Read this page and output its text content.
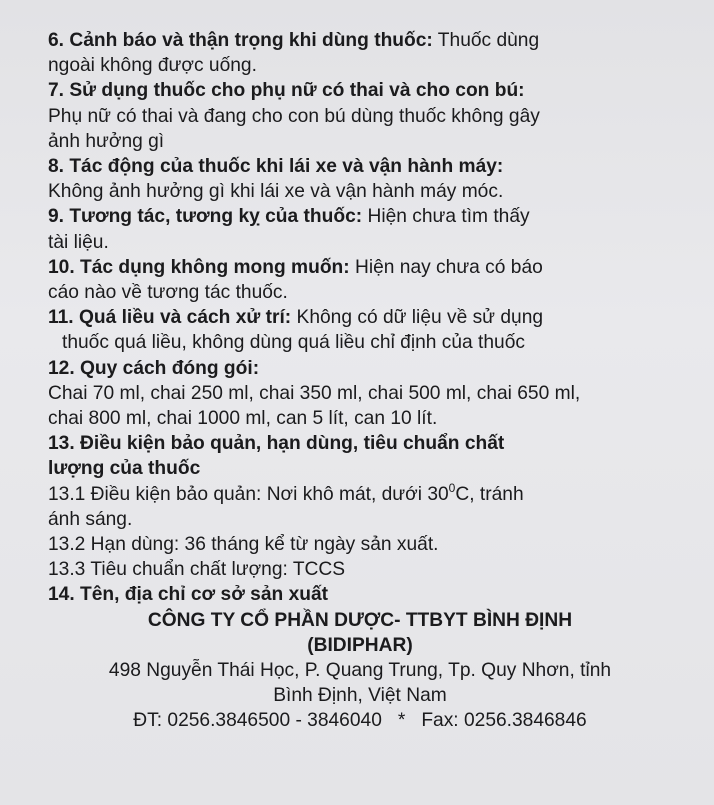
6. Cảnh báo và thận trọng khi dùng thuốc: Thuốc dùng

ngoài không được uống.

7. Sử dụng thuốc cho phụ nữ có thai và cho con bú:

Phụ nữ có thai và đang cho con bú dùng thuốc không gây

ảnh hưởng gì

8. Tác động của thuốc khi lái xe và vận hành máy:

Không ảnh hưởng gì khi lái xe và vận hành máy móc.

9. Tương tác, tương kỵ của thuốc: Hiện chưa tìm thấy

tài liệu.

10. Tác dụng không mong muốn: Hiện nay chưa có báo

cáo nào về tương tác thuốc.

11. Quá liều và cách xử trí: Không có dữ liệu về sử dụng

thuốc quá liều, không dùng quá liều chỉ định của thuốc

12. Quy cách đóng gói:

Chai 70 ml, chai 250 ml, chai 350 ml, chai 500 ml, chai 650 ml,

chai 800 ml, chai 1000 ml, can 5 lít, can 10 lít.

13. Điều kiện bảo quản, hạn dùng, tiêu chuẩn chất

lượng của thuốc

13.1 Điều kiện bảo quản: Nơi khô mát, dưới $30^0C$, tránh

ánh sáng.

13.2 Hạn dùng: 36 tháng kể từ ngày sản xuất.

13.3 Tiêu chuẩn chất lượng: TCCS

14. Tên, địa chỉ cơ sở sản xuất

CÔNG TY CỔ PHẦN DƯỢC- TTBYT BÌNH ĐỊNH

(BIDIPHAR)

498 Nguyễn Thái Học, P. Quang Trung, Tp. Quy Nhơn, tỉnh

Bình Định, Việt Nam

ĐT: 0256.3846500 - 3846040   *   Fax: 0256.3846846
